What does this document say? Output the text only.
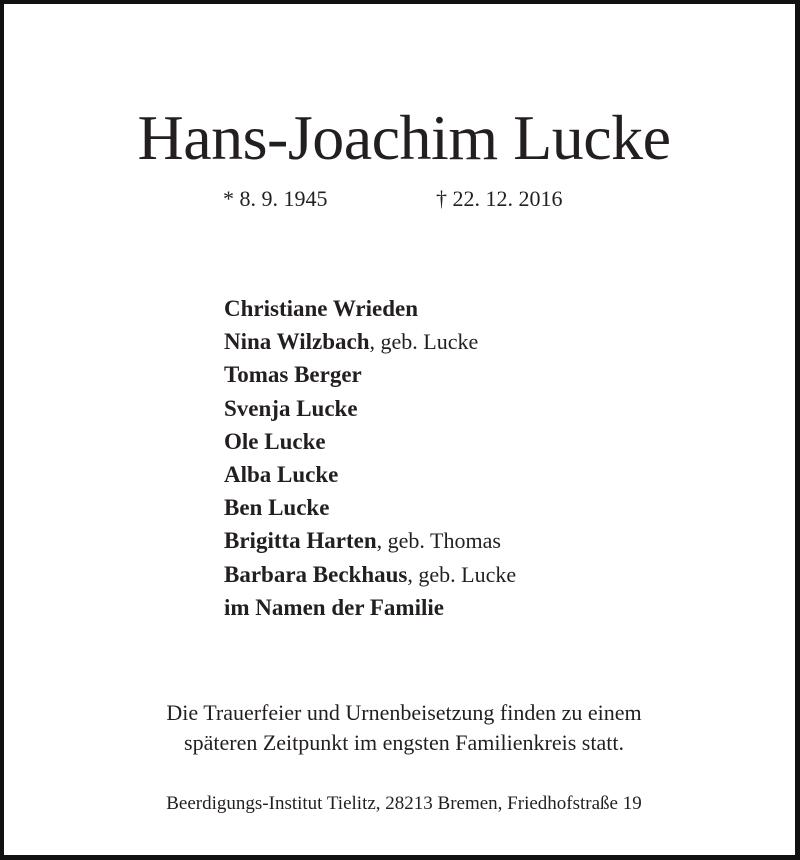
Hans-Joachim Lucke
* 8. 9. 1945	† 22. 12. 2016
Christiane Wrieden
Nina Wilzbach, geb. Lucke
Tomas Berger
Svenja Lucke
Ole Lucke
Alba Lucke
Ben Lucke
Brigitta Harten, geb. Thomas
Barbara Beckhaus, geb. Lucke
im Namen der Familie
Die Trauerfeier und Urnenbeisetzung finden zu einem
späteren Zeitpunkt im engsten Familienkreis statt.
Beerdigungs-Institut Tielitz, 28213 Bremen, Friedhofstraße 19
